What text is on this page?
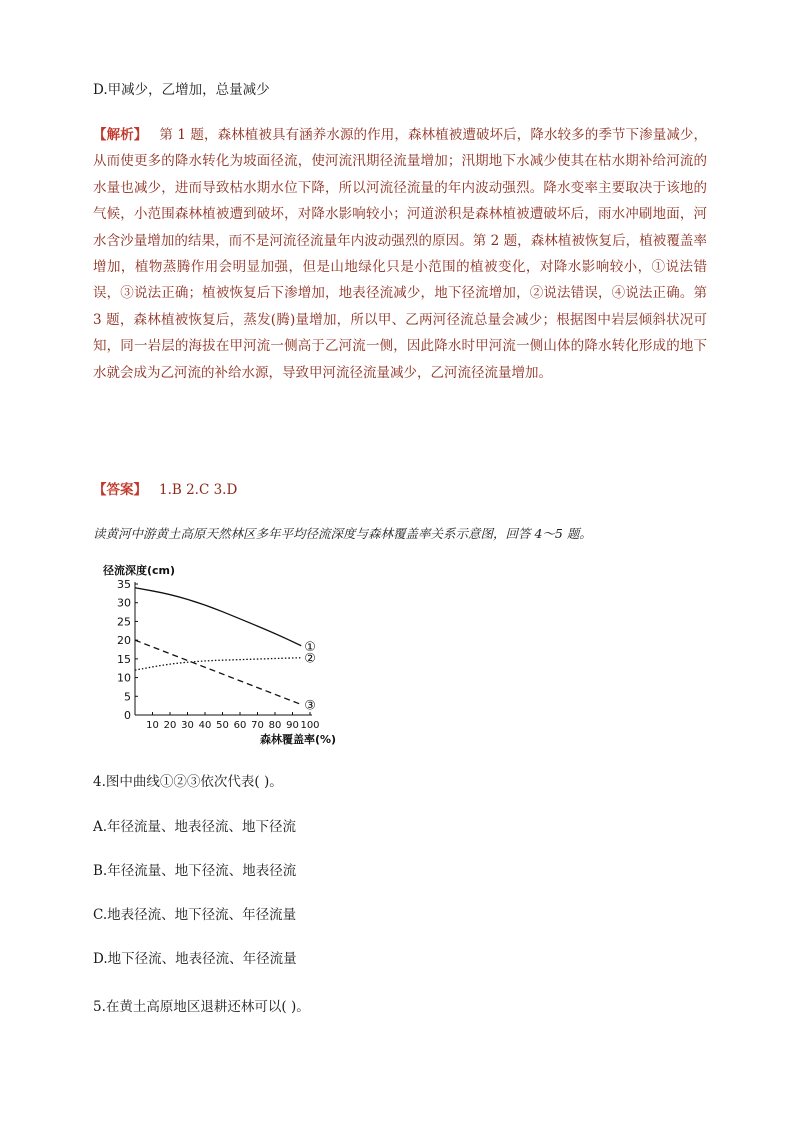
D.甲减少，乙增加，总量减少
【解析】 第 1 题，森林植被具有涵养水源的作用，森林植被遭破坏后，降水较多的季节下渗量减少，从而使更多的降水转化为坡面径流，使河流汛期径流量增加；汛期地下水减少使其在枯水期补给河流的水量也减少，进而导致枯水期水位下降，所以河流径流量的年内波动强烈。降水变率主要取决于该地的气候，小范围森林植被遭到破坏，对降水影响较小；河道淤积是森林植被遭破坏后，雨水冲刷地面，河水含沙量增加的结果，而不是河流径流量年内波动强烈的原因。第 2 题，森林植被恢复后，植被覆盖率增加，植物蒸腾作用会明显加强，但是山地绿化只是小范围的植被变化，对降水影响较小，①说法错误，③说法正确；植被恢复后下渗增加，地表径流减少，地下径流增加，②说法错误，④说法正确。第 3 题，森林植被恢复后，蒸发(腾)量增加，所以甲、乙两河径流总量会减少；根据图中岩层倾斜状况可知，同一岩层的海拔在甲河流一侧高于乙河流一侧，因此降水时甲河流一侧山体的降水转化形成的地下水就会成为乙河流的补给水源，导致甲河流径流量减少，乙河流径流量增加。
【答案】 1.B 2.C 3.D
读黄河中游黄土高原天然林区多年平均径流深度与森林覆盖率关系示意图，回答 4～5 题。
0
5
10
15
20
25
30
35
10 20 30 40 50 60 70 80 90 100
径流深度(cm)
森林覆盖率(%)
①
②
③
4.图中曲线①②③依次代表( )。
A.年径流量、地表径流、地下径流
B.年径流量、地下径流、地表径流
C.地表径流、地下径流、年径流量
D.地下径流、地表径流、年径流量
5.在黄土高原地区退耕还林可以( )。
